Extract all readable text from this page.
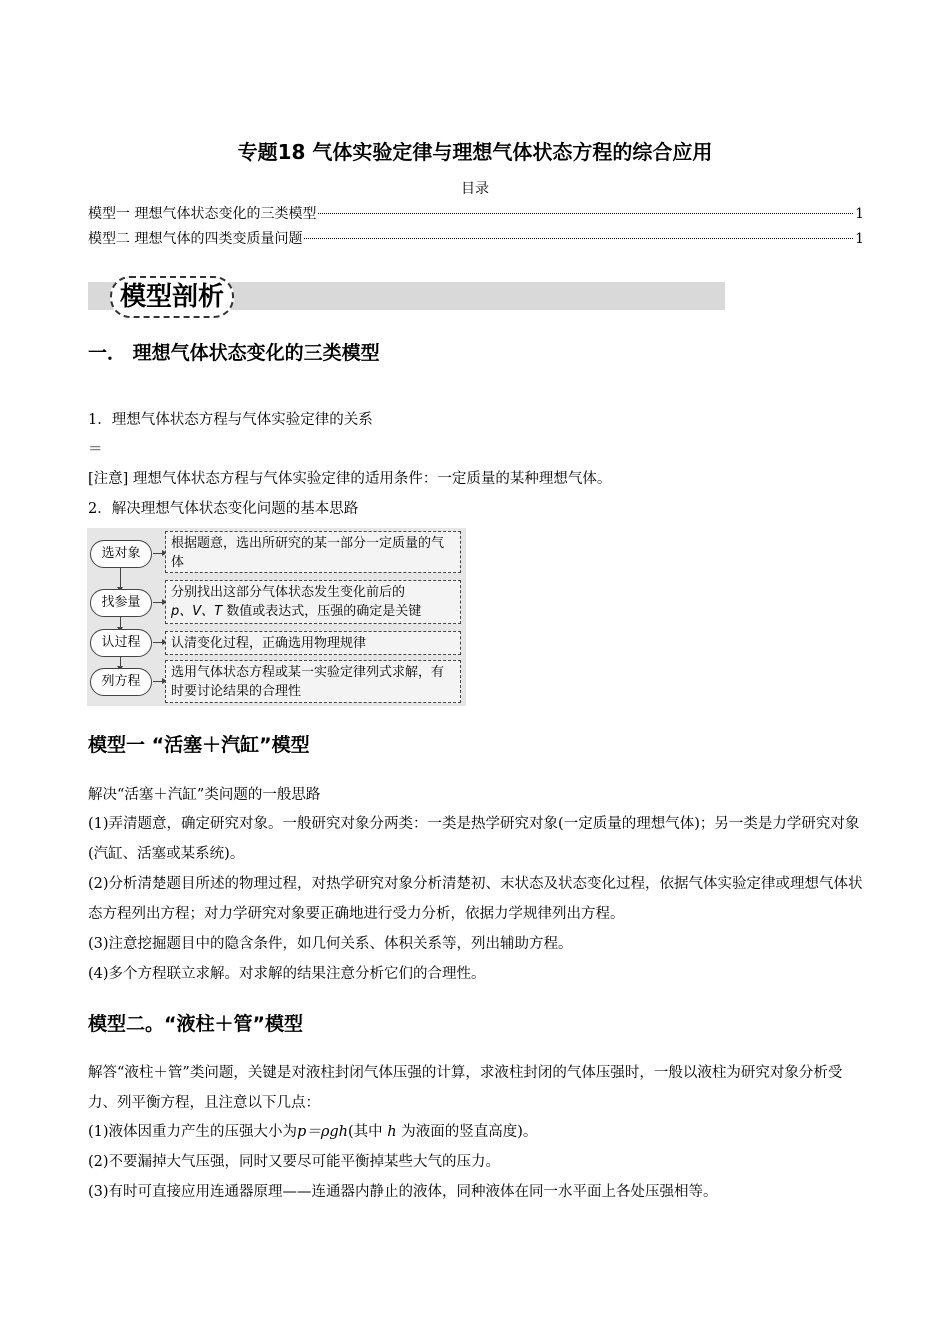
专题18 气体实验定律与理想气体状态方程的综合应用
目录
模型一 理想气体状态变化的三类模型	1
模型二 理想气体的四类变质量问题	1
模型剖析
一． 理想气体状态变化的三类模型
1．理想气体状态方程与气体实验定律的关系
＝
[注意] 理想气体状态方程与气体实验定律的适用条件：一定质量的某种理想气体。
2．解决理想气体状态变化问题的基本思路
选对象
根据题意，选出所研究的某一部分一定质量的气体
找参量
分别找出这部分气体状态发生变化前后的
p、V、T 数值或表达式，压强的确定是关键
认过程	认清变化过程，正确选用物理规律
列方程
选用气体状态方程或某一实验定律列式求解，有时要讨论结果的合理性
模型一 “活塞＋汽缸”模型
解决“活塞＋汽缸”类问题的一般思路
(1)弄清题意，确定研究对象。一般研究对象分两类：一类是热学研究对象(一定质量的理想气体)；另一类是力学研究对象(汽缸、活塞或某系统)。
(2)分析清楚题目所述的物理过程，对热学研究对象分析清楚初、末状态及状态变化过程，依据气体实验定律或理想气体状态方程列出方程；对力学研究对象要正确地进行受力分析，依据力学规律列出方程。
(3)注意挖掘题目中的隐含条件，如几何关系、体积关系等，列出辅助方程。
(4)多个方程联立求解。对求解的结果注意分析它们的合理性。
模型二。“液柱＋管”模型
解答“液柱＋管”类问题，关键是对液柱封闭气体压强的计算，求液柱封闭的气体压强时，一般以液柱为研究对象分析受力、列平衡方程，且注意以下几点：
(1)液体因重力产生的压强大小为p＝ρgh(其中 h 为液面的竖直高度)。
(2)不要漏掉大气压强，同时又要尽可能平衡掉某些大气的压力。
(3)有时可直接应用连通器原理——连通器内静止的液体，同种液体在同一水平面上各处压强相等。
